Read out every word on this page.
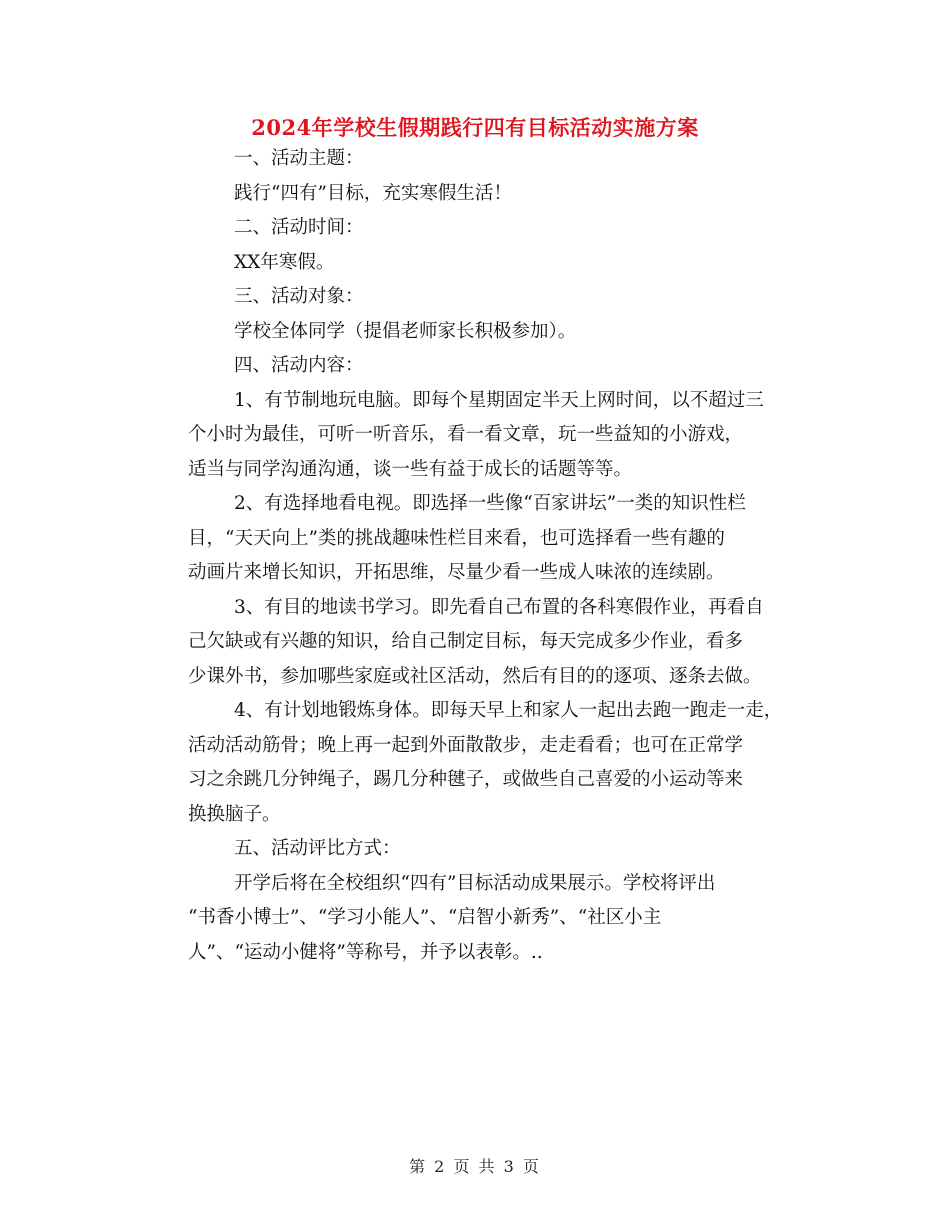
2024年学校生假期践行四有目标活动实施方案
一、活动主题：
践行“四有”目标，充实寒假生活！
二、活动时间：
XX年寒假。
三、活动对象：
学校全体同学（提倡老师家长积极参加）。
四、活动内容：
1、有节制地玩电脑。即每个星期固定半天上网时间，以不超过三
个小时为最佳，可听一听音乐，看一看文章，玩一些益知的小游戏，
适当与同学沟通沟通，谈一些有益于成长的话题等等。
2、有选择地看电视。即选择一些像“百家讲坛”一类的知识性栏
目，“天天向上”类的挑战趣味性栏目来看，也可选择看一些有趣的
动画片来增长知识，开拓思维，尽量少看一些成人味浓的连续剧。
3、有目的地读书学习。即先看自己布置的各科寒假作业，再看自
己欠缺或有兴趣的知识，给自己制定目标，每天完成多少作业，看多
少课外书，参加哪些家庭或社区活动，然后有目的的逐项、逐条去做。
4、有计划地锻炼身体。即每天早上和家人一起出去跑一跑走一走，
活动活动筋骨；晚上再一起到外面散散步，走走看看；也可在正常学
习之余跳几分钟绳子，踢几分种毽子，或做些自己喜爱的小运动等来
换换脑子。
五、活动评比方式：
开学后将在全校组织“四有”目标活动成果展示。学校将评出
“书香小博士”、“学习小能人”、“启智小新秀”、“社区小主
人”、“运动小健将”等称号，并予以表彰。..
第 2 页 共 3 页
